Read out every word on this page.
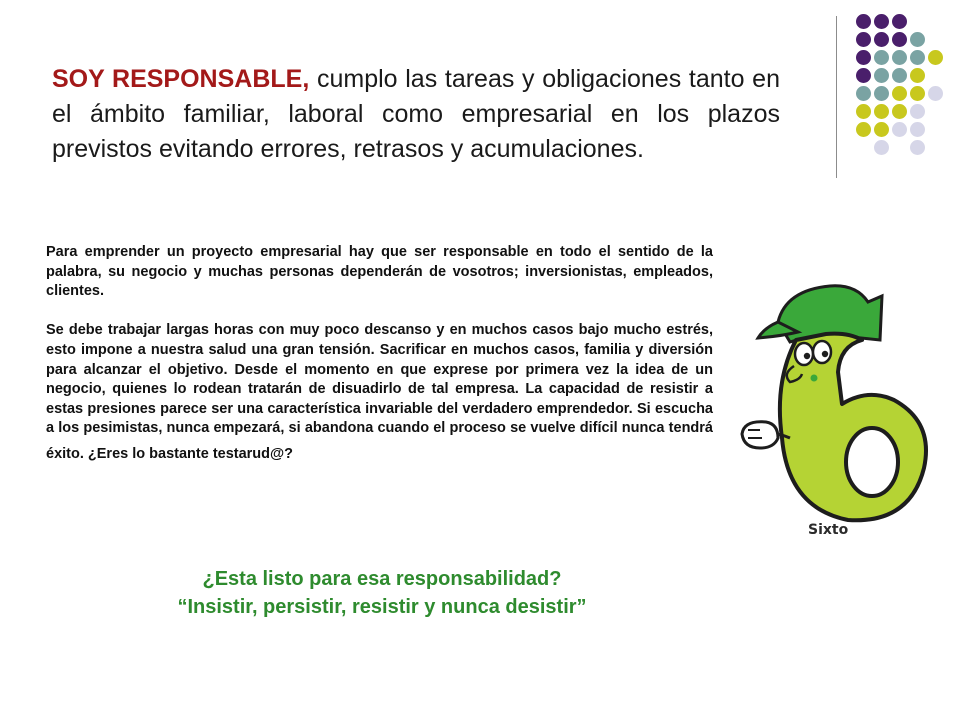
SOY RESPONSABLE, cumplo las tareas y obligaciones tanto en el ámbito familiar, laboral como empresarial en los plazos previstos evitando errores, retrasos y acumulaciones.

Para emprender un proyecto empresarial hay que ser responsable en todo el sentido de la palabra, su negocio y muchas personas dependerán de vosotros; inversionistas, empleados, clientes.

Se debe trabajar largas horas con muy poco descanso y en muchos casos bajo mucho estrés, esto impone a nuestra salud una gran tensión. Sacrificar en muchos casos, familia y diversión para alcanzar el objetivo. Desde el momento en que exprese por primera vez la idea de un negocio, quienes lo rodean tratarán de disuadirlo de tal empresa. La capacidad de resistir a estas presiones parece ser una característica invariable del verdadero emprendedor. Si escucha a los pesimistas, nunca empezará, si abandona cuando el proceso se vuelve difícil nunca tendrá éxito. ¿Eres lo bastante testarud@?

¿Esta listo para esa responsabilidad?
“Insistir, persistir, resistir y nunca desistir”
Sixto
